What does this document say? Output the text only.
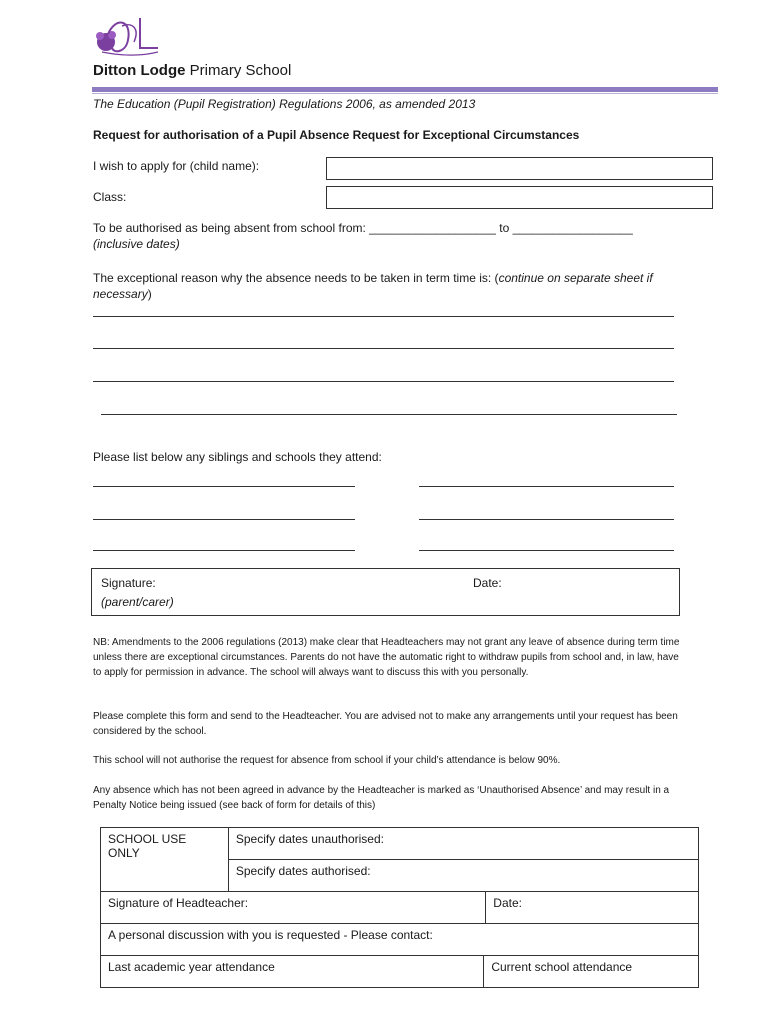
Ditton Lodge Primary School
The Education (Pupil Registration) Regulations 2006, as amended 2013
Request for authorisation of a Pupil Absence Request for Exceptional Circumstances
I wish to apply for (child name):
Class:
To be authorised as being absent from school from: ___________________ to __________________
(inclusive dates)
The exceptional reason why the absence needs to be taken in term time is: (continue on separate sheet if necessary)
Please list below any siblings and schools they attend:
Signature:
(parent/carer)
Date:
NB: Amendments to the 2006 regulations (2013) make clear that Headteachers may not grant any leave of absence during term time unless there are exceptional circumstances. Parents do not have the automatic right to withdraw pupils from school and, in law, have to apply for permission in advance. The school will always want to discuss this with you personally.
Please complete this form and send to the Headteacher. You are advised not to make any arrangements until your request has been considered by the school.
This school will not authorise the request for absence from school if your child’s attendance is below 90%.
Any absence which has not been agreed in advance by the Headteacher is marked as ‘Unauthorised Absence’ and may result in a Penalty Notice being issued (see back of form for details of this)
SCHOOL USE ONLY	Specify dates unauthorised:		
	Specify dates authorised:		
Signature of Headteacher:			Date:
A personal discussion with you is requested - Please contact:			
Last academic year attendance		Current school attendance	
